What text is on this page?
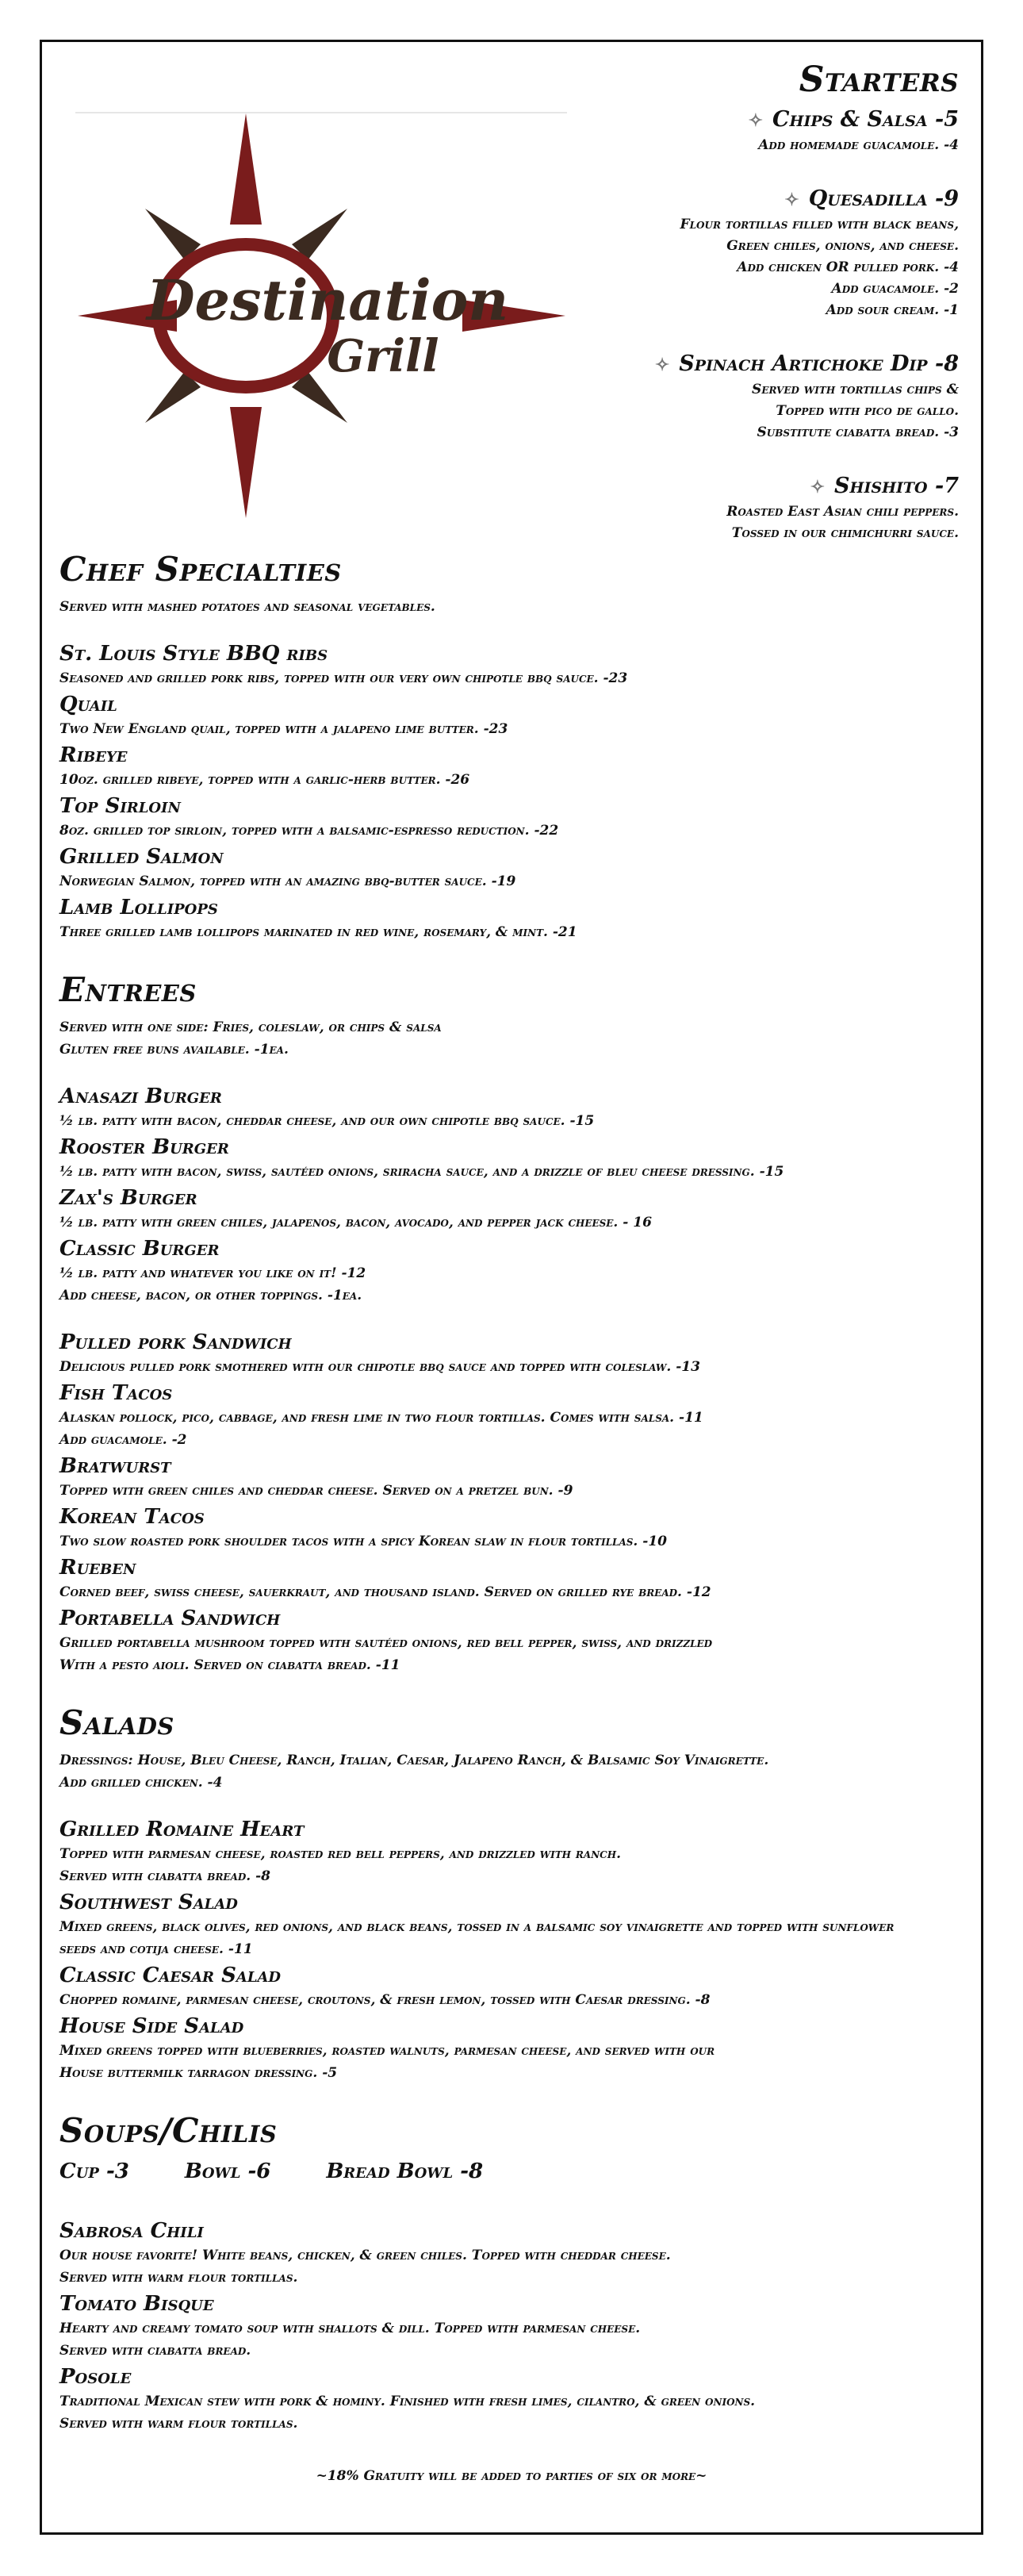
Destination
Grill
Starters
✧ Chips & Salsa -5
Add homemade guacamole. -4
✧ Quesadilla -9
Flour tortillas filled with black beans,
Green chiles, onions, and cheese.
Add chicken OR pulled pork. -4
Add guacamole. -2
Add sour cream. -1
✧ Spinach Artichoke Dip -8
Served with tortillas chips &
Topped with pico de gallo.
Substitute ciabatta bread. -3
✧ Shishito -7
Roasted East Asian chili peppers.
Tossed in our chimichurri sauce.
Chef Specialties
Served with mashed potatoes and seasonal vegetables.
St. Louis Style BBQ ribs
Seasoned and grilled pork ribs, topped with our very own chipotle bbq sauce. -23
Quail
Two New England quail, topped with a jalapeno lime butter. -23
Ribeye
10oz. grilled ribeye, topped with a garlic-herb butter. -26
Top Sirloin
8oz. grilled top sirloin, topped with a balsamic-espresso reduction. -22
Grilled Salmon
Norwegian Salmon, topped with an amazing bbq-butter sauce. -19
Lamb Lollipops
Three grilled lamb lollipops marinated in red wine, rosemary, & mint. -21
Entrees
Served with one side: Fries, coleslaw, or chips & salsa
Gluten free buns available. -1ea.
Anasazi Burger
½ lb. patty with bacon, cheddar cheese, and our own chipotle bbq sauce. -15
Rooster Burger
½ lb. patty with bacon, swiss, sautéed onions, sriracha sauce, and a drizzle of bleu cheese dressing. -15
Zax's Burger
½ lb. patty with green chiles, jalapenos, bacon, avocado, and pepper jack cheese. - 16
Classic Burger
½ lb. patty and whatever you like on it! -12
Add cheese, bacon, or other toppings. -1ea.
Pulled pork Sandwich
Delicious pulled pork smothered with our chipotle bbq sauce and topped with coleslaw. -13
Fish Tacos
Alaskan pollock, pico, cabbage, and fresh lime in two flour tortillas. Comes with salsa. -11
Add guacamole. -2
Bratwurst
Topped with green chiles and cheddar cheese. Served on a pretzel bun. -9
Korean Tacos
Two slow roasted pork shoulder tacos with a spicy Korean slaw in flour tortillas. -10
Rueben
Corned beef, swiss cheese, sauerkraut, and thousand island. Served on grilled rye bread. -12
Portabella Sandwich
Grilled portabella mushroom topped with sautéed onions, red bell pepper, swiss, and drizzled
With a pesto aioli. Served on ciabatta bread. -11
Salads
Dressings: House, Bleu Cheese, Ranch, Italian, Caesar, Jalapeno Ranch, & Balsamic Soy Vinaigrette.
Add grilled chicken. -4
Grilled Romaine Heart
Topped with parmesan cheese, roasted red bell peppers, and drizzled with ranch.
Served with ciabatta bread. -8
Southwest Salad
Mixed greens, black olives, red onions, and black beans, tossed in a balsamic soy vinaigrette and topped with sunflower
seeds and cotija cheese. -11
Classic Caesar Salad
Chopped romaine, parmesan cheese, croutons, & fresh lemon, tossed with Caesar dressing. -8
House Side Salad
Mixed greens topped with blueberries, roasted walnuts, parmesan cheese, and served with our
House buttermilk tarragon dressing. -5
Soups/Chilis
Cup -3	Bowl -6	Bread Bowl -8
Sabrosa Chili
Our house favorite! White beans, chicken, & green chiles. Topped with cheddar cheese.
Served with warm flour tortillas.
Tomato Bisque
Hearty and creamy tomato soup with shallots & dill. Topped with parmesan cheese.
Served with ciabatta bread.
Posole
Traditional Mexican stew with pork & hominy. Finished with fresh limes, cilantro, & green onions.
Served with warm flour tortillas.
~18% Gratuity will be added to parties of six or more~
